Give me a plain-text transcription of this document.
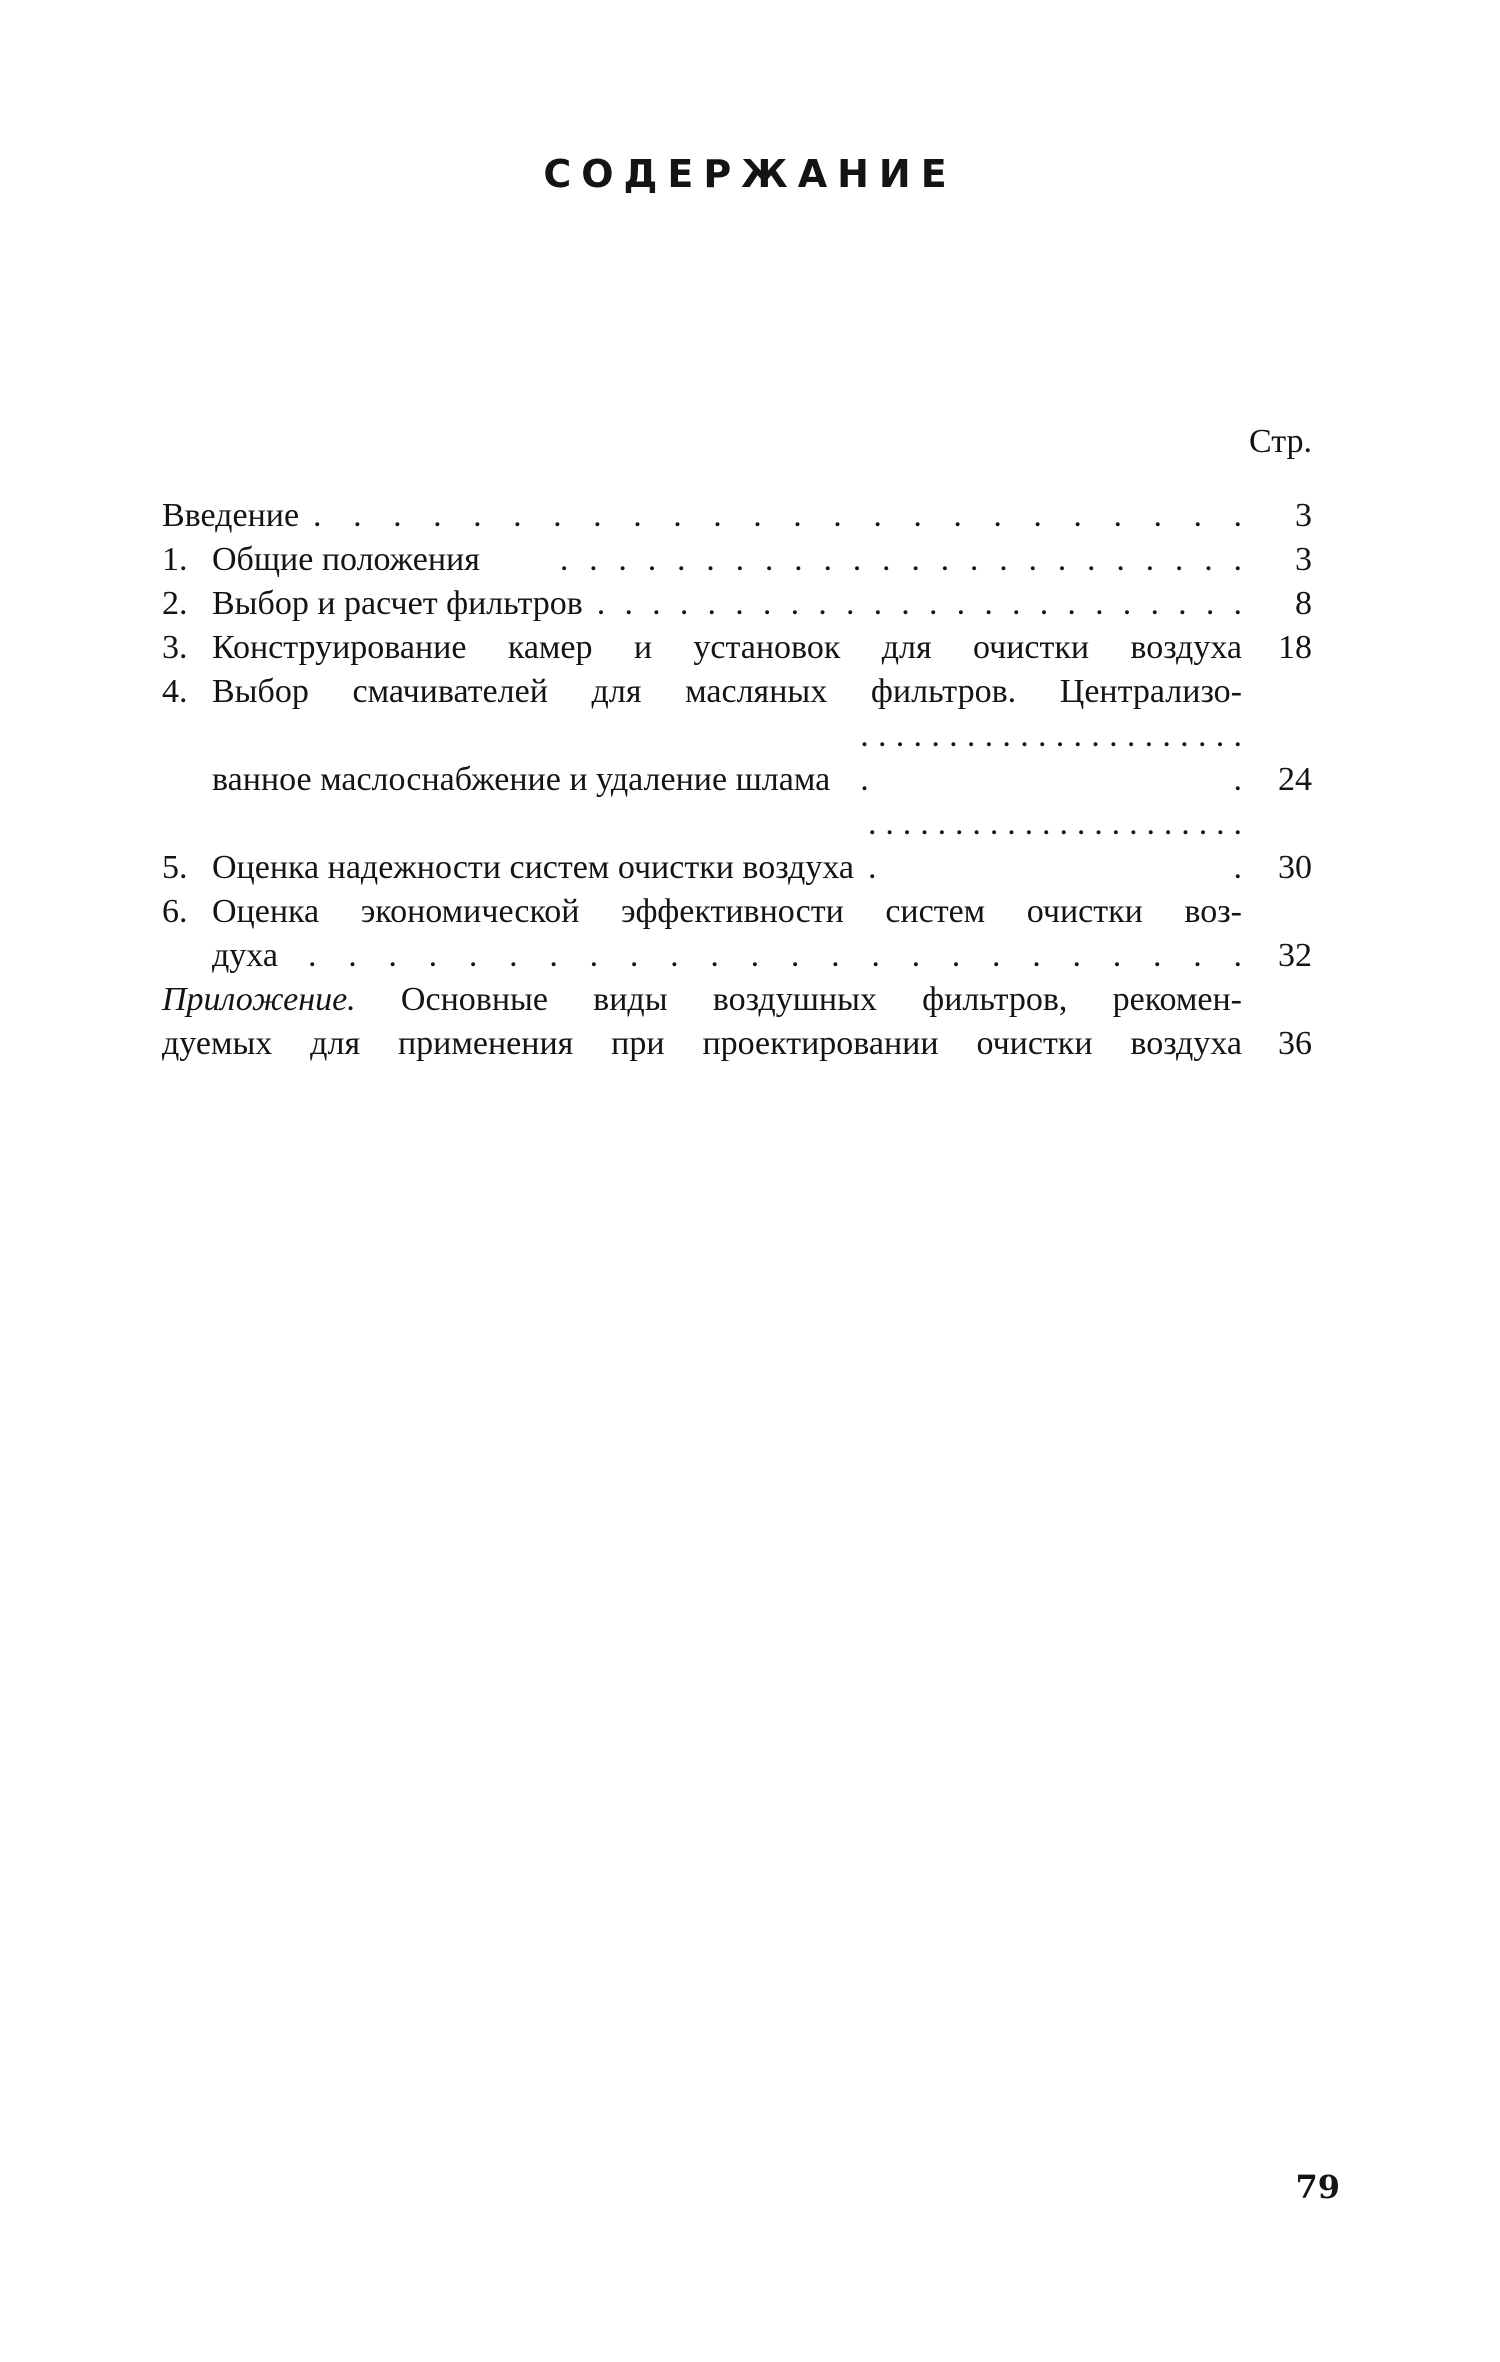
СОДЕРЖАНИЕ
Стр.
Введение . . . . . . . . . . . . . . . . . . . . . . . .	3
1. Общие положения	. . . . . . . . . . . . . . . . . . . . . . . .	3
2. Выбор и расчет фильтров . . . . . . . . . . . . . . . . . . . . . . . .	8
3. Конструирование камер и установок для очистки воздуха	18
4. Выбор смачивателей для масляных фильтров. Централизо-
ванное маслоснабжение и удаление шлама
. . . . . . . . . . . . . . . . . . . . . . . .	24
5. Оценка надежности систем очистки воздуха
. . . . . . . . . . . . . . . . . . . . . . . .	30
6. Оценка экономической эффективности систем очистки воз-
духа . . . . . . . . . . . . . . . . . . . . . . . .	32
Приложение. Основные виды воздушных фильтров, рекомен-
дуемых для применения при проектировании очистки воздуха	36
79
